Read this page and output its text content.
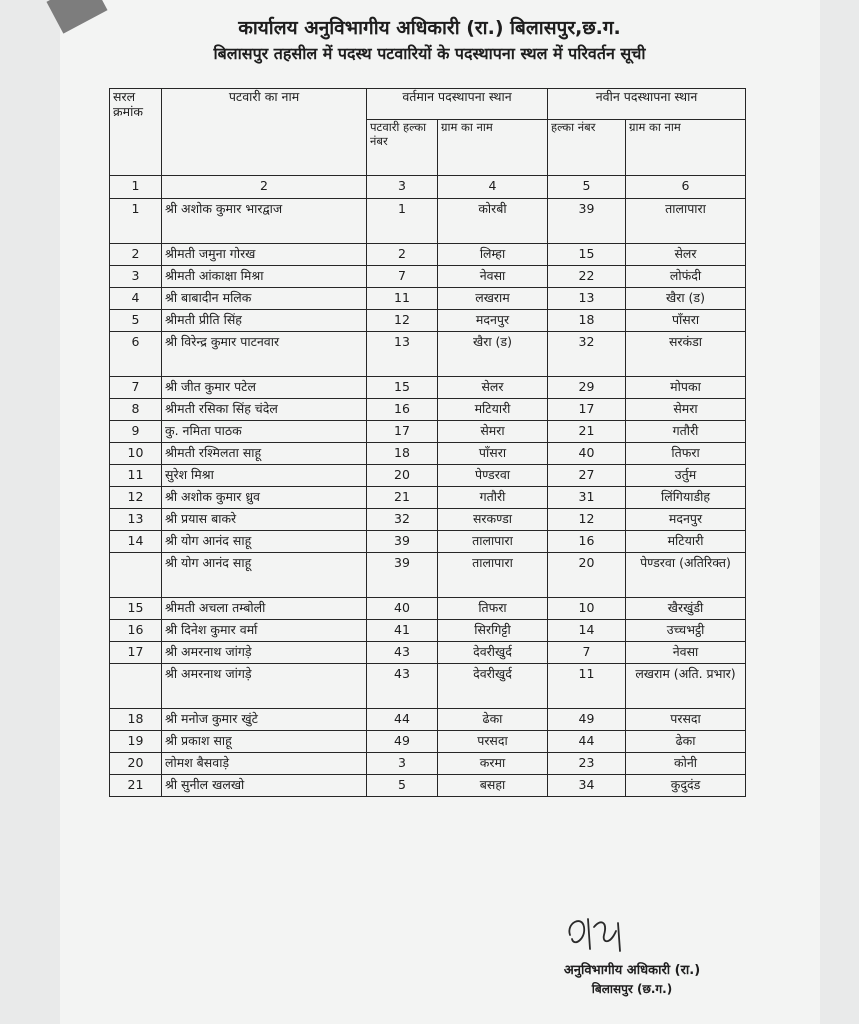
कार्यालय अनुविभागीय अधिकारी (रा.) बिलासपुर,छ.ग.
बिलासपुर तहसील में पदस्थ पटवारियों के पदस्थापना स्थल में परिवर्तन सूची
सरल क्रमांक	पटवारी का नाम	वर्तमान पदस्थापना स्थान		नवीन पदस्थापना स्थान	
		पटवारी हल्का नंबर	ग्राम का नाम	हल्का नंबर	ग्राम का नाम
1	2	3	4	5	6
1	श्री अशोक कुमार भारद्वाज	1	कोरबी	39	तालापारा
2	श्रीमती जमुना गोरख	2	लिम्हा	15	सेलर
3	श्रीमती आंकाक्षा मिश्रा	7	नेवसा	22	लोफंदी
4	श्री बाबादीन मलिक	11	लखराम	13	खैरा (ड)
5	श्रीमती प्रीति सिंह	12	मदनपुर	18	पाँसरा
6	श्री विरेन्द्र कुमार पाटनवार	13	खैरा (ड)	32	सरकंडा
7	श्री जीत कुमार पटेल	15	सेलर	29	मोपका
8	श्रीमती रसिका सिंह चंदेल	16	मटियारी	17	सेमरा
9	कु. नमिता पाठक	17	सेमरा	21	गतौरी
10	श्रीमती रश्मिलता साहू	18	पाँसरा	40	तिफरा
11	सुरेश मिश्रा	20	पेण्डरवा	27	उर्तुम
12	श्री अशोक कुमार ध्रुव	21	गतौरी	31	लिंगियाडीह
13	श्री प्रयास बाकरे	32	सरकण्डा	12	मदनपुर
14	श्री योग आनंद साहू	39	तालापारा	16	मटियारी
	श्री योग आनंद साहू	39	तालापारा	20	पेण्डरवा (अतिरिक्त)
15	श्रीमती अचला तम्बोली	40	तिफरा	10	खैरखुंडी
16	श्री दिनेश कुमार वर्मा	41	सिरगिट्टी	14	उच्चभट्ठी
17	श्री अमरनाथ जांगड़े	43	देवरीखुर्द	7	नेवसा
	श्री अमरनाथ जांगड़े	43	देवरीखुर्द	11	लखराम (अति. प्रभार)
18	श्री मनोज कुमार खुंटे	44	ढेका	49	परसदा
19	श्री प्रकाश साहू	49	परसदा	44	ढेका
20	लोमश बैसवाड़े	3	करमा	23	कोनी
21	श्री सुनील खलखो	5	बसहा	34	कुदुदंड
अनुविभागीय अधिकारी (रा.)
बिलासपुर (छ.ग.)
